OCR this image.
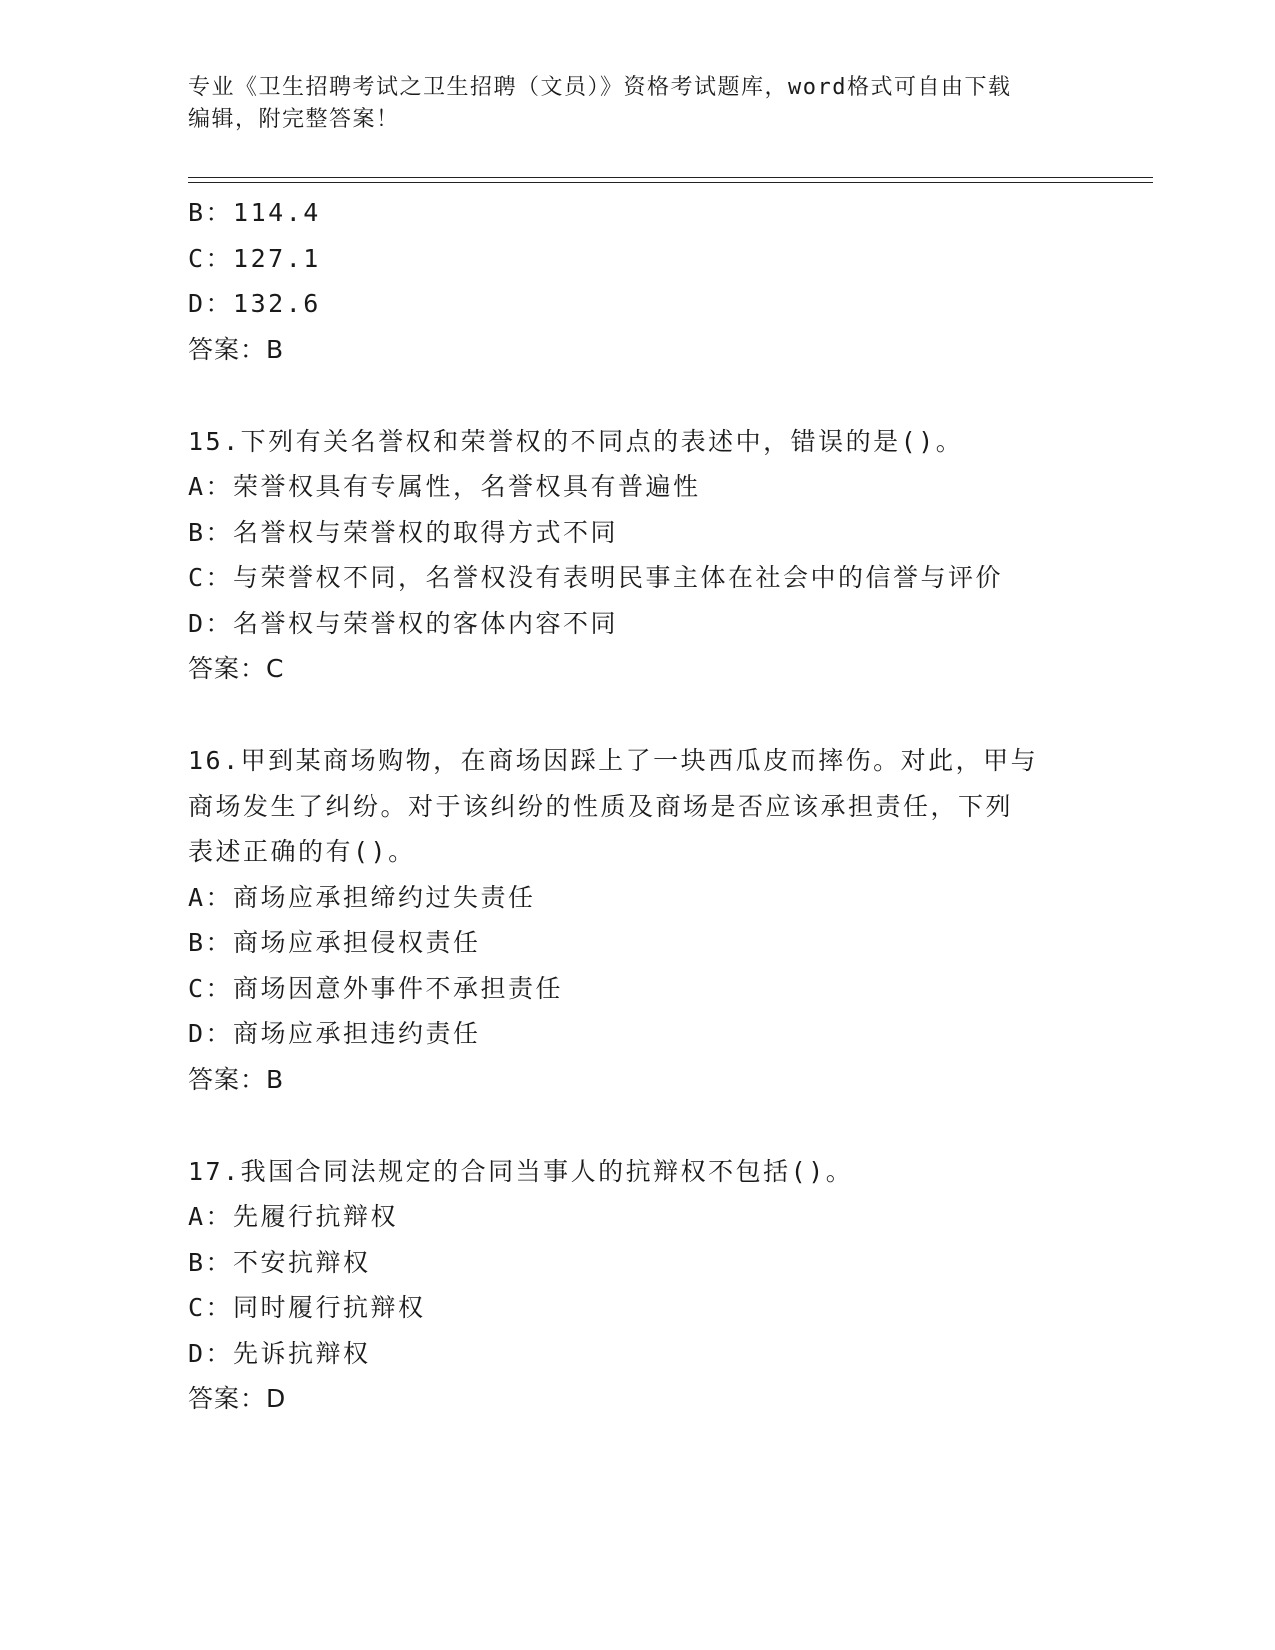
专业《卫生招聘考试之卫生招聘（文员）》资格考试题库，word格式可自由下载
编辑，附完整答案！
B：114.4
C：127.1
D：132.6
答案：B
15.下列有关名誉权和荣誉权的不同点的表述中，错误的是()。
A：荣誉权具有专属性，名誉权具有普遍性
B：名誉权与荣誉权的取得方式不同
C：与荣誉权不同，名誉权没有表明民事主体在社会中的信誉与评价
D：名誉权与荣誉权的客体内容不同
答案：C
16.甲到某商场购物，在商场因踩上了一块西瓜皮而摔伤。对此，甲与
商场发生了纠纷。对于该纠纷的性质及商场是否应该承担责任，下列
表述正确的有()。
A：商场应承担缔约过失责任
B：商场应承担侵权责任
C：商场因意外事件不承担责任
D：商场应承担违约责任
答案：B
17.我国合同法规定的合同当事人的抗辩权不包括()。
A：先履行抗辩权
B：不安抗辩权
C：同时履行抗辩权
D：先诉抗辩权
答案：D
